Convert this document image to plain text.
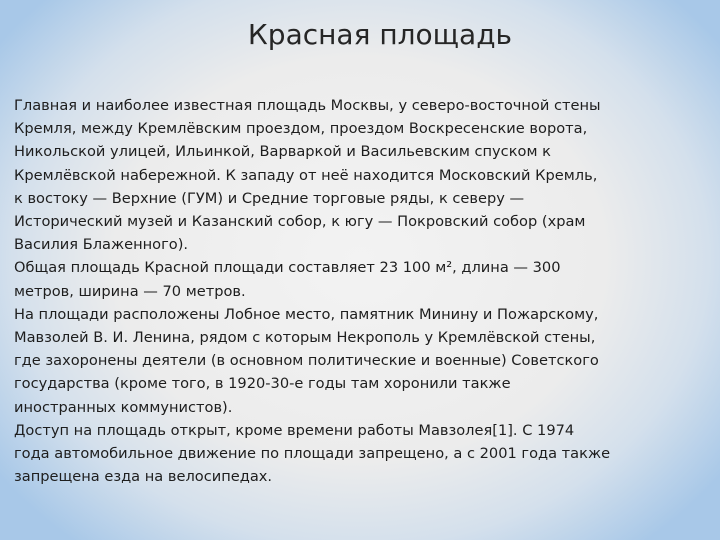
Красная площадь
Главная и наиболее известная площадь Москвы, у северо-восточной стены
Кремля, между Кремлёвским проездом, проездом Воскресенские ворота,
Никольской улицей, Ильинкой, Варваркой и Васильевским спуском к
Кремлёвской набережной. К западу от неё находится Московский Кремль,
к востоку — Верхние (ГУМ) и Средние торговые ряды, к северу —
Исторический музей и Казанский собор, к югу — Покровский собор (храм
Василия Блаженного).
Общая площадь Красной площади составляет 23 100 м², длина — 300
метров, ширина — 70 метров.
На площади расположены Лобное место, памятник Минину и Пожарскому,
Мавзолей В. И. Ленина, рядом с которым Некрополь у Кремлёвской стены,
где захоронены деятели (в основном политические и военные) Советского
государства (кроме того, в 1920-30-е годы там хоронили также
иностранных коммунистов).
Доступ на площадь открыт, кроме времени работы Мавзолея[1]. С 1974
года автомобильное движение по площади запрещено, а с 2001 года также
запрещена езда на велосипедах.
